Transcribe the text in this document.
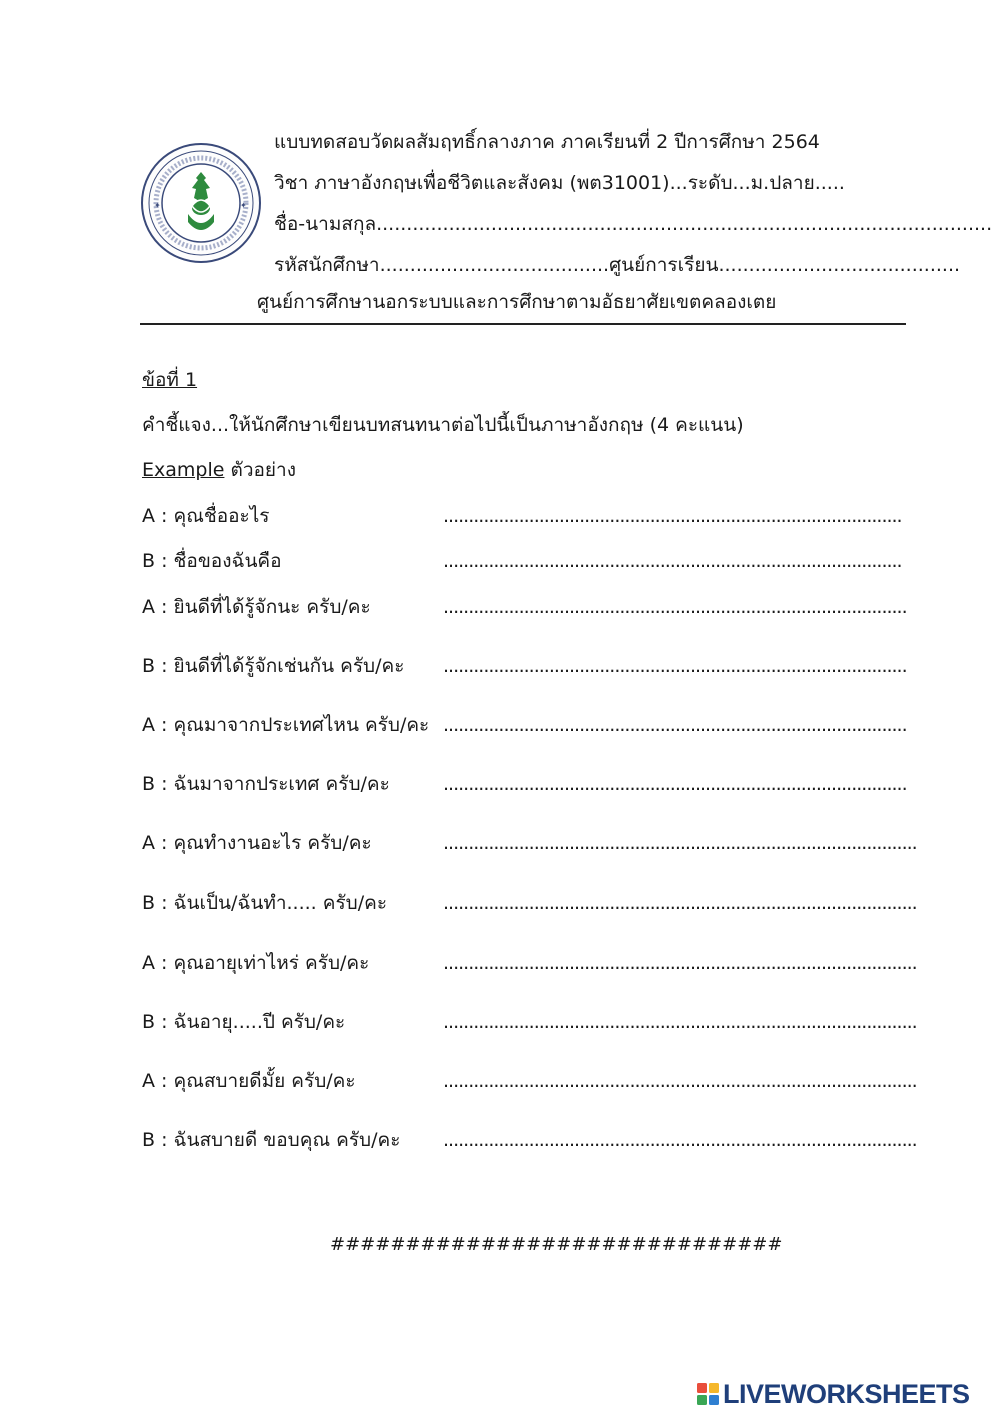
✦	✦
แบบทดสอบวัดผลสัมฤทธิ์กลางภาค ภาคเรียนที่ 2 ปีการศึกษา 2564
วิชา ภาษาอังกฤษเพื่อชีวิตและสังคม (พต31001)...ระดับ...ม.ปลาย.....
ชื่อ-นามสกุล......................................................................................................
รหัสนักศึกษา......................................ศูนย์การเรียน........................................
ศูนย์การศึกษานอกระบบและการศึกษาตามอัธยาศัยเขตคลองเตย
ข้อที่ 1
คำชี้แจง...ให้นักศึกษาเขียนบทสนทนาต่อไปนี้เป็นภาษาอังกฤษ (4 คะแนน)
Example ตัวอย่าง
A : คุณชื่ออะไร	...........................................................................................
B : ชื่อของฉันคือ	...........................................................................................
A : ยินดีที่ได้รู้จักนะ ครับ/คะ	............................................................................................
B : ยินดีที่ได้รู้จักเช่นกัน ครับ/คะ ............................................................................................
A : คุณมาจากประเทศไหน ครับ/คะ ............................................................................................
B : ฉันมาจากประเทศ ครับ/คะ	............................................................................................
A : คุณทำงานอะไร ครับ/คะ	..............................................................................................
B : ฉันเป็น/ฉันทำ..... ครับ/คะ	..............................................................................................
A : คุณอายุเท่าไหร่ ครับ/คะ	..............................................................................................
B : ฉันอายุ.....ปี ครับ/คะ	..............................................................................................
A : คุณสบายดีมั้ย ครับ/คะ	..............................................................................................
B : ฉันสบายดี ขอบคุณ ครับ/คะ ..............................................................................................
##############################
LIVEWORKSHEETS
